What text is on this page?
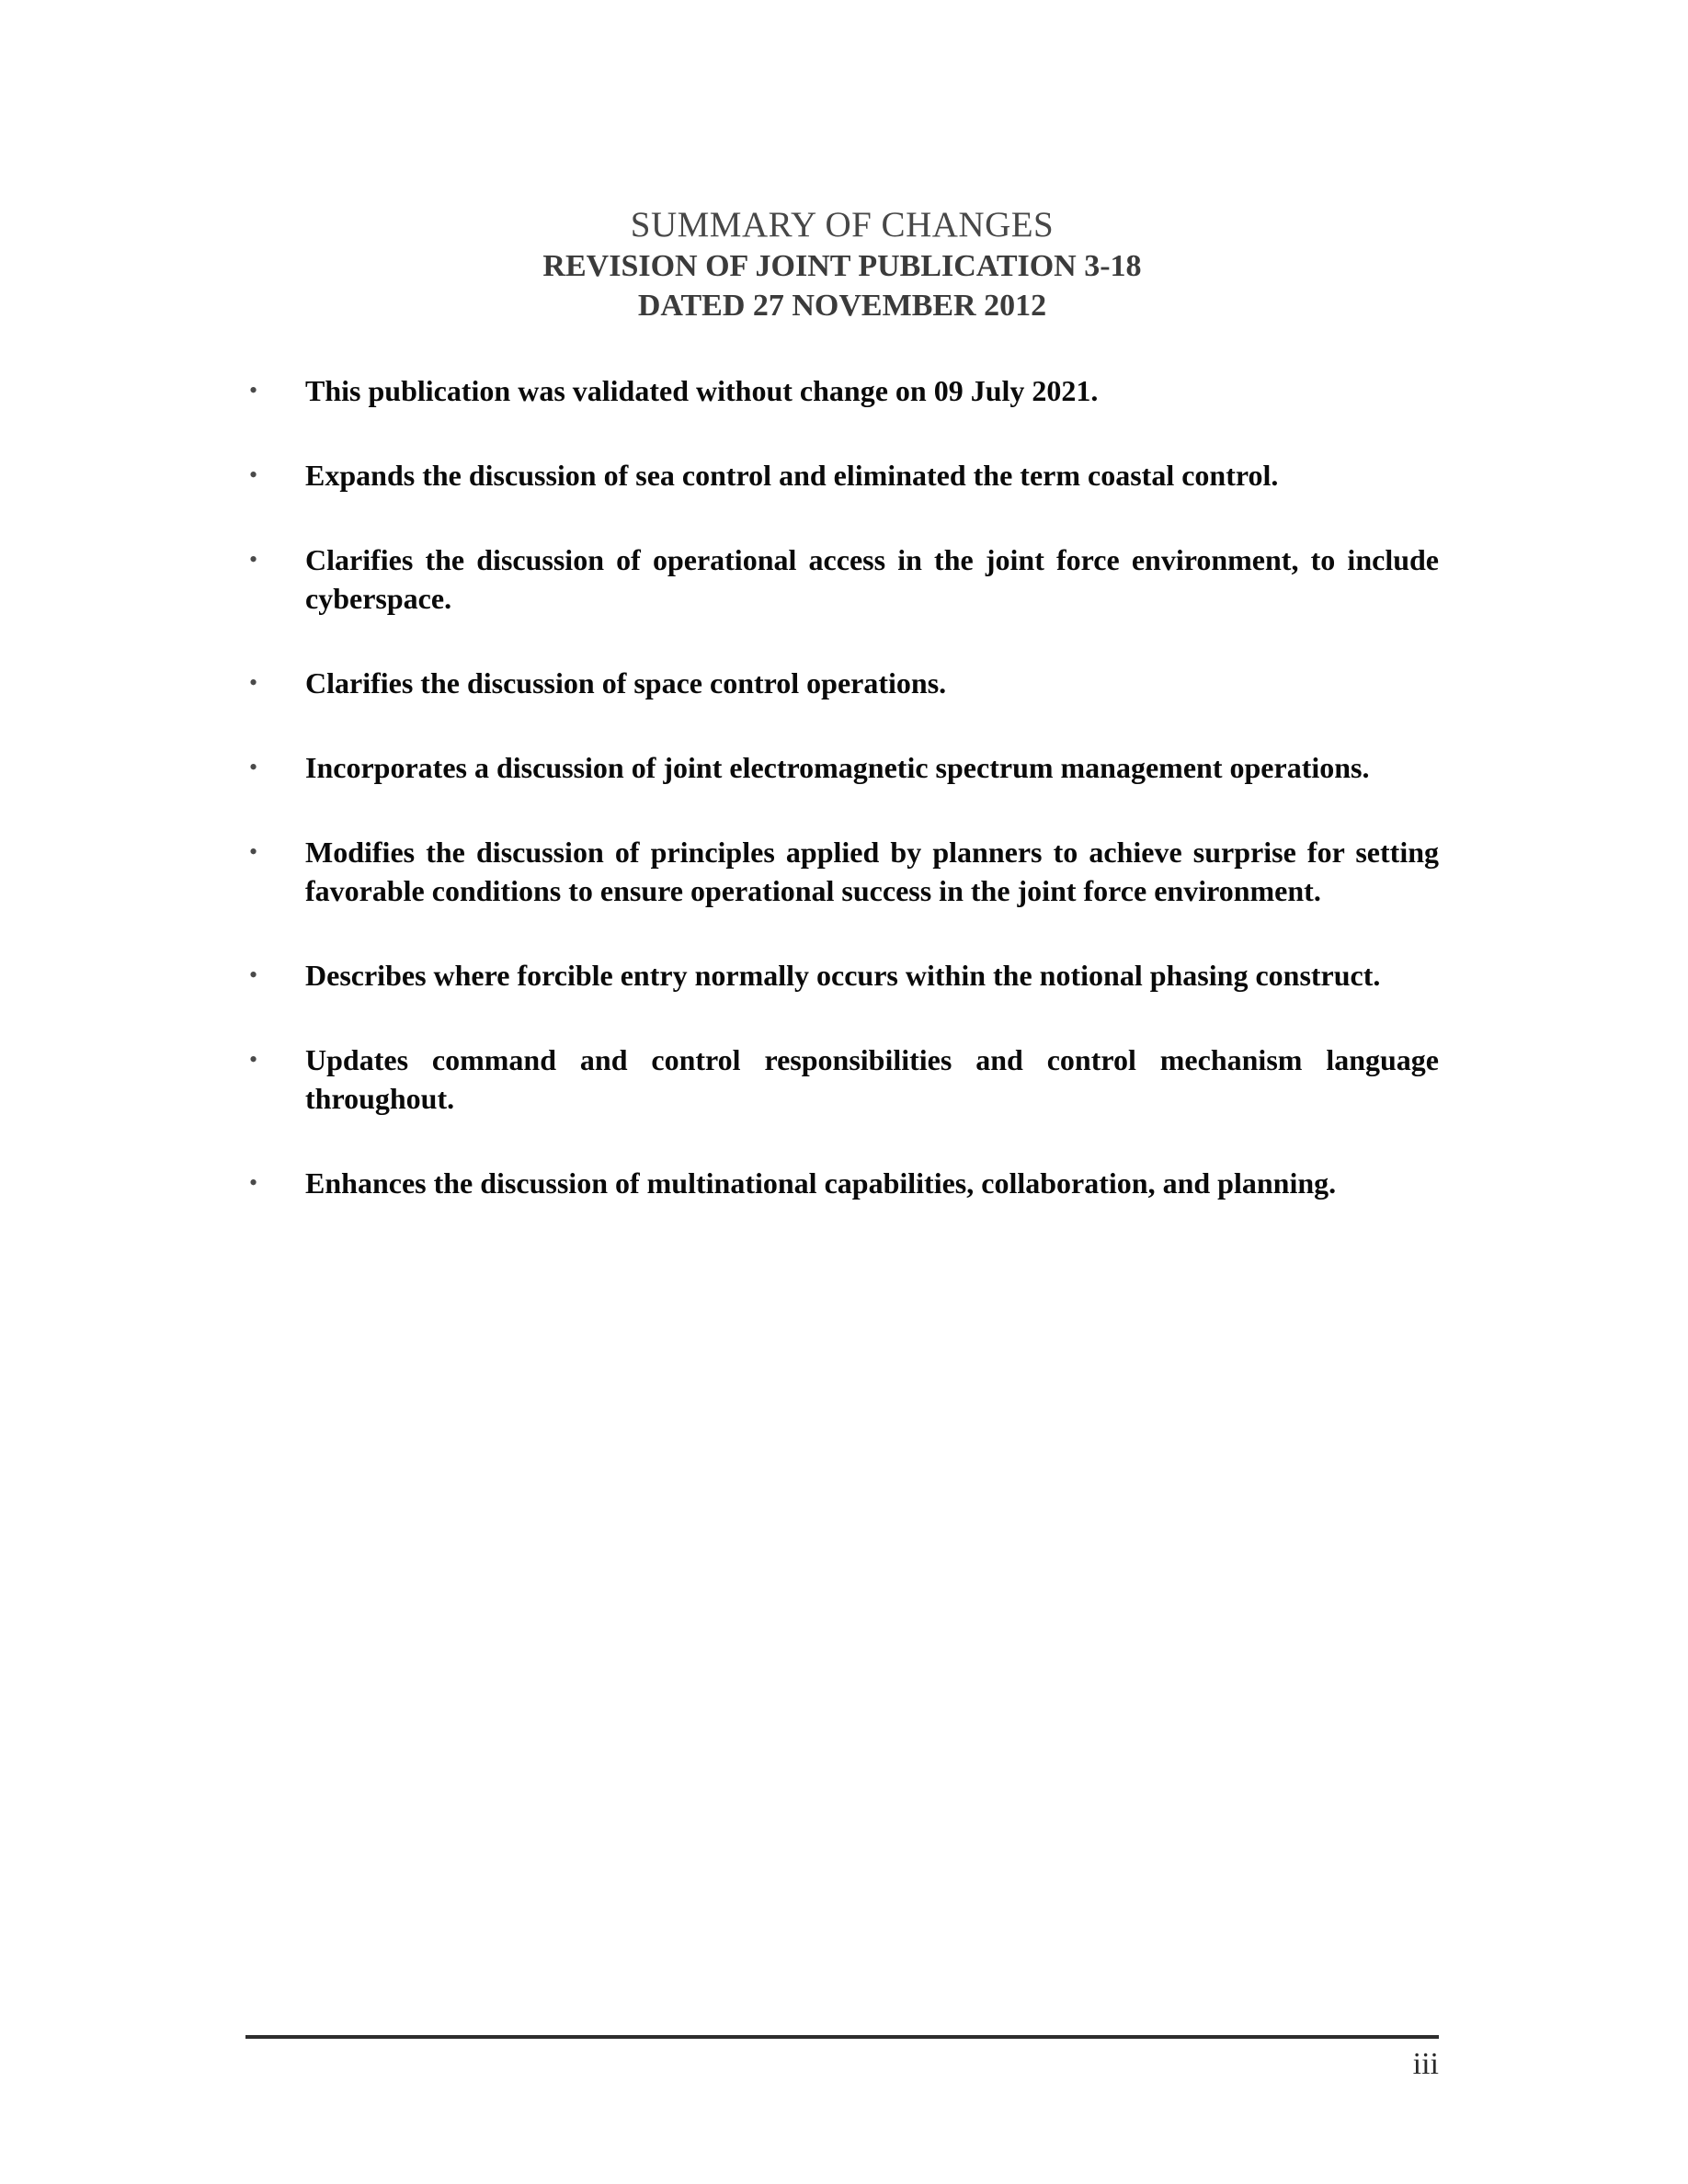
SUMMARY OF CHANGES
REVISION OF JOINT PUBLICATION 3-18
DATED 27 NOVEMBER 2012
•	This publication was validated without change on 09 July 2021.
•	Expands the discussion of sea control and eliminated the term coastal control.
•	Clarifies the discussion of operational access in the joint force environment, to include cyberspace.
•	Clarifies the discussion of space control operations.
•	Incorporates a discussion of joint electromagnetic spectrum management operations.
•	Modifies the discussion of principles applied by planners to achieve surprise for setting favorable conditions to ensure operational success in the joint force environment.
•	Describes where forcible entry normally occurs within the notional phasing construct.
•	Updates command and control responsibilities and control mechanism language throughout.
•	Enhances the discussion of multinational capabilities, collaboration, and planning.
iii
